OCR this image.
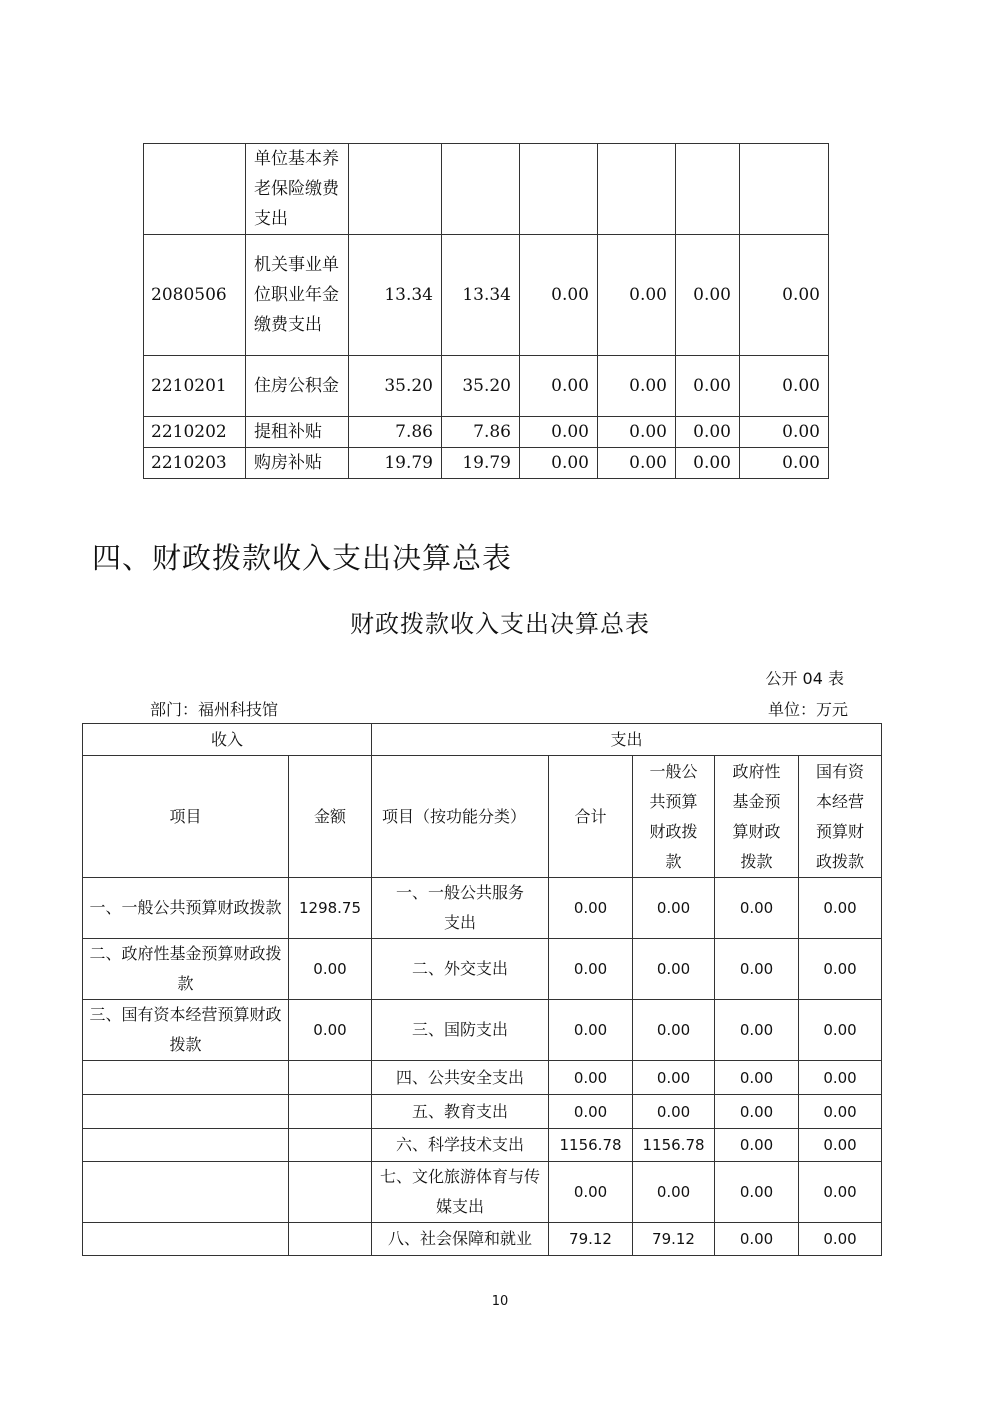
	单位基本养老保险缴费支出						
2080506	机关事业单位职业年金缴费支出	13.34	13.34	0.00	0.00	0.00	0.00
2210201	住房公积金	35.20	35.20	0.00	0.00	0.00	0.00
2210202	提租补贴	7.86	7.86	0.00	0.00	0.00	0.00
2210203	购房补贴	19.79	19.79	0.00	0.00	0.00	0.00
四、财政拨款收入支出决算总表
财政拨款收入支出决算总表
公开 04 表
部门：福州科技馆	单位：万元
收入		支出				
项目	金额	项目（按功能分类）	合计	一般公共预算财政拨款	政府性基金预算财政拨款	国有资本经营预算财政拨款
一、一般公共预算财政拨款	1298.75	一、一般公共服务支出	0.00	0.00	0.00	0.00
二、政府性基金预算财政拨款	0.00	二、外交支出	0.00	0.00	0.00	0.00
三、国有资本经营预算财政拨款	0.00	三、国防支出	0.00	0.00	0.00	0.00
		四、公共安全支出	0.00	0.00	0.00	0.00
		五、教育支出	0.00	0.00	0.00	0.00
		六、科学技术支出	1156.78	1156.78	0.00	0.00
		七、文化旅游体育与传媒支出	0.00	0.00	0.00	0.00
		八、社会保障和就业	79.12	79.12	0.00	0.00
10
